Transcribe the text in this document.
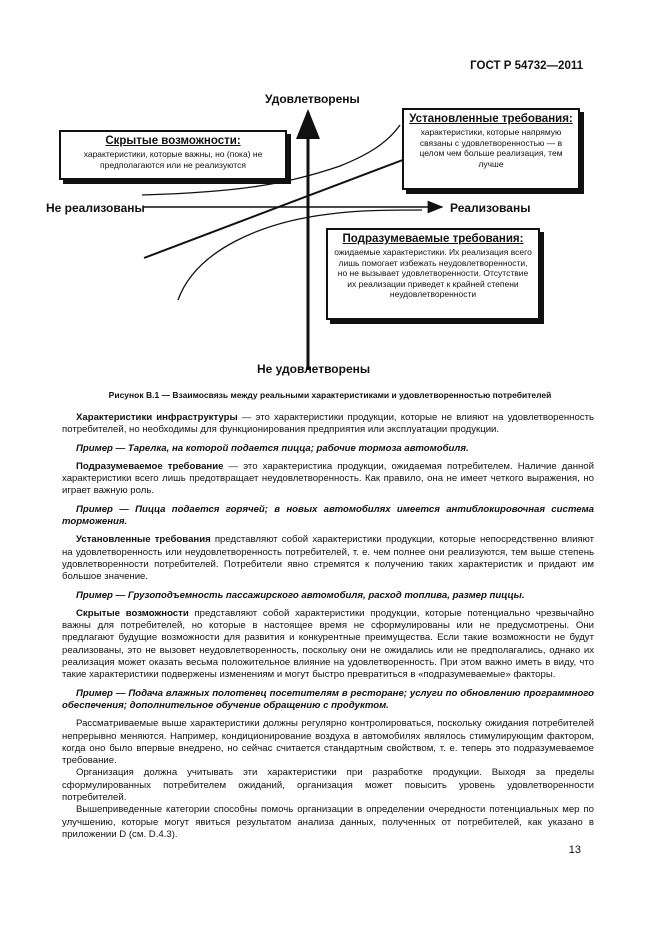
ГОСТ Р 54732—2011
Удовлетворены
Не удовлетворены
Не реализованы	Реализованы
Скрытые возможности:
характеристики, которые важны, но (пока) не предполагаются или не реализуются
Установленные требования:
характеристики, которые напрямую связаны с удовлетворенностью — в целом чем больше реализация, тем лучше
Подразумеваемые требования:
ожидаемые характеристики. Их реализация всего лишь помогает избежать неудовлетворенности, но не вызывает удовлетворенности. Отсутствие их реализации приведет к крайней степени неудовлетворенности
Рисунок В.1 — Взаимосвязь между реальными характеристиками и удовлетворенностью потребителей

Характеристики инфраструктуры — это характеристики продукции, которые не влияют на удовлетворенность потребителей, но необходимы для функционирования предприятия или эксплуатации продукции.

Пример — Тарелка, на которой подается пицца; рабочие тормоза автомобиля.

Подразумеваемое требование — это характеристика продукции, ожидаемая потребителем. Наличие данной характеристики всего лишь предотвращает неудовлетворенность. Как правило, она не имеет четкого выражения, но играет важную роль.

Пример — Пицца подается горячей; в новых автомобилях имеется антиблокировочная система торможения.

Установленные требования представляют собой характеристики продукции, которые непосредственно влияют на удовлетворенность или неудовлетворенность потребителей, т. е. чем полнее они реализуются, тем выше степень удовлетворенности потребителей. Потребители явно стремятся к получению таких характеристик и придают им большое значение.

Пример — Грузоподъемность пассажирского автомобиля, расход топлива, размер пиццы.

Скрытые возможности представляют собой характеристики продукции, которые потенциально чрезвычайно важны для потребителей, но которые в настоящее время не сформулированы или не предусмотрены. Они предлагают будущие возможности для развития и конкурентные преимущества. Если такие возможности не будут реализованы, это не вызовет неудовлетворенность, поскольку они не ожидались или не предполагались, однако их реализация может оказать весьма положительное влияние на удовлетворенность. При этом важно иметь в виду, что такие характеристики подвержены изменениям и могут быстро превратиться в «подразумеваемые» факторы.

Пример — Подача влажных полотенец посетителям в ресторане; услуги по обновлению программного обеспечения; дополнительное обучение обращению с продуктом.

Рассматриваемые выше характеристики должны регулярно контролироваться, поскольку ожидания потребителей непрерывно меняются. Например, кондиционирование воздуха в автомобилях являлось стимулирующим фактором, когда оно было впервые внедрено, но сейчас считается стандартным свойством, т. е. теперь это подразумеваемое требование.

Организация должна учитывать эти характеристики при разработке продукции. Выходя за пределы сформулированных потребителем ожиданий, организация может повысить уровень удовлетворенности потребителей.

Вышеприведенные категории способны помочь организации в определении очередности потенциальных мер по улучшению, которые могут явиться результатом анализа данных, полученных от потребителей, как указано в приложении D (см. D.4.3).

13
